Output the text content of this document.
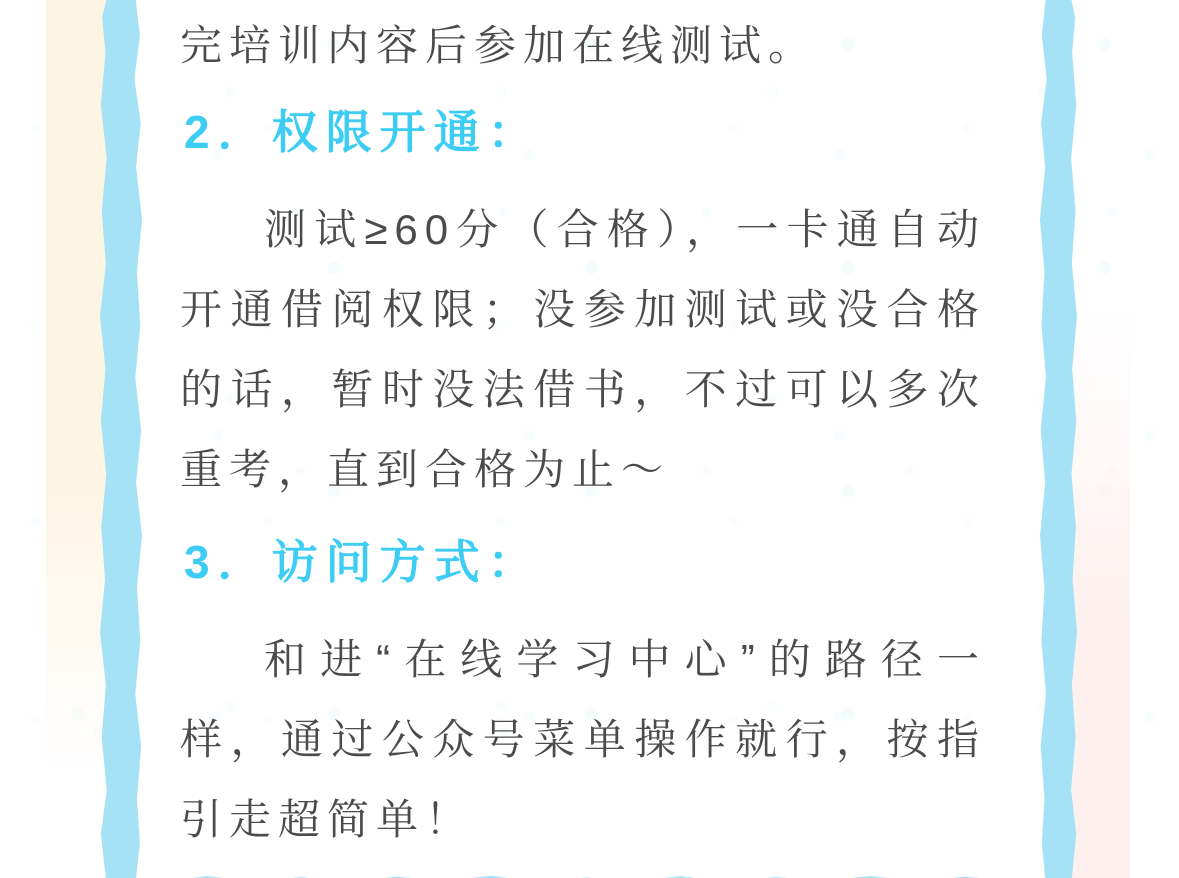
完培训内容后参加在线测试。

2．权限开通：

测试≥60分（合格），一卡通自动开通借阅权限；没参加测试或没合格的话，暂时没法借书，不过可以多次重考，直到合格为止～

3．访问方式：

和进“在线学习中心”的路径一样，通过公众号菜单操作就行，按指引走超简单！
